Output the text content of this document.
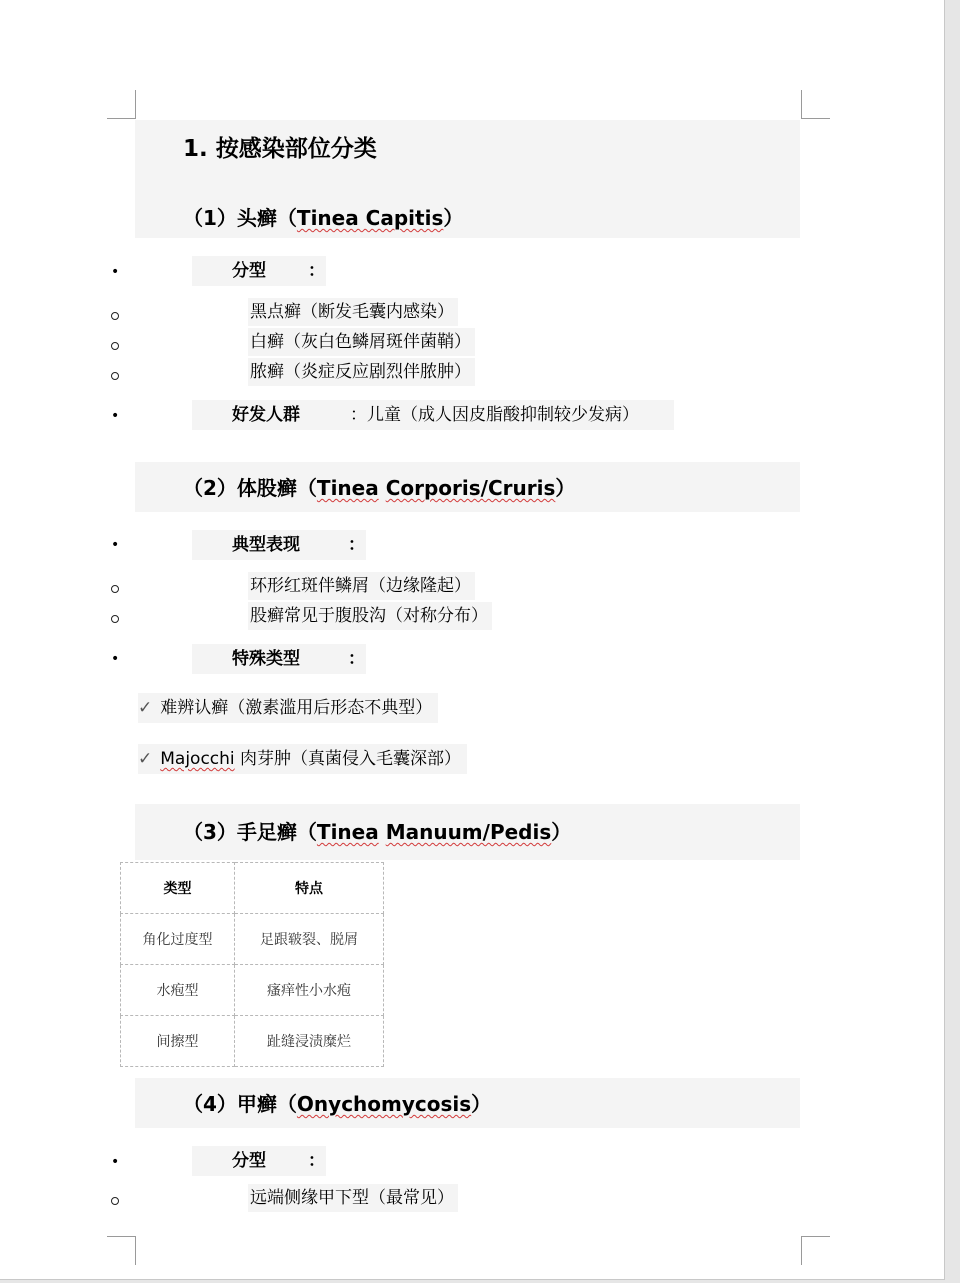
1. 按感染部位分类
（1）头癣（Tinea Capitis）
•	分型 ：
黑点癣（断发毛囊内感染）
白癣（灰白色鳞屑斑伴菌鞘）
脓癣（炎症反应剧烈伴脓肿）
•	好发人群	：儿童（成人因皮脂酸抑制较少发病）
（2）体股癣（Tinea Corporis/Cruris）
•	典型表现	：
环形红斑伴鳞屑（边缘隆起）
股癣常见于腹股沟（对称分布）
•	特殊类型	：
✓ 难辨认癣（激素滥用后形态不典型）
✓ Majocchi 肉芽肿（真菌侵入毛囊深部）
（3）手足癣（Tinea Manuum/Pedis）
类型	特点
角化过度型	足跟皲裂、脱屑
水疱型	瘙痒性小水疱
间擦型	趾缝浸渍糜烂
（4）甲癣（Onychomycosis）
•	分型 ：
远端侧缘甲下型（最常见）
